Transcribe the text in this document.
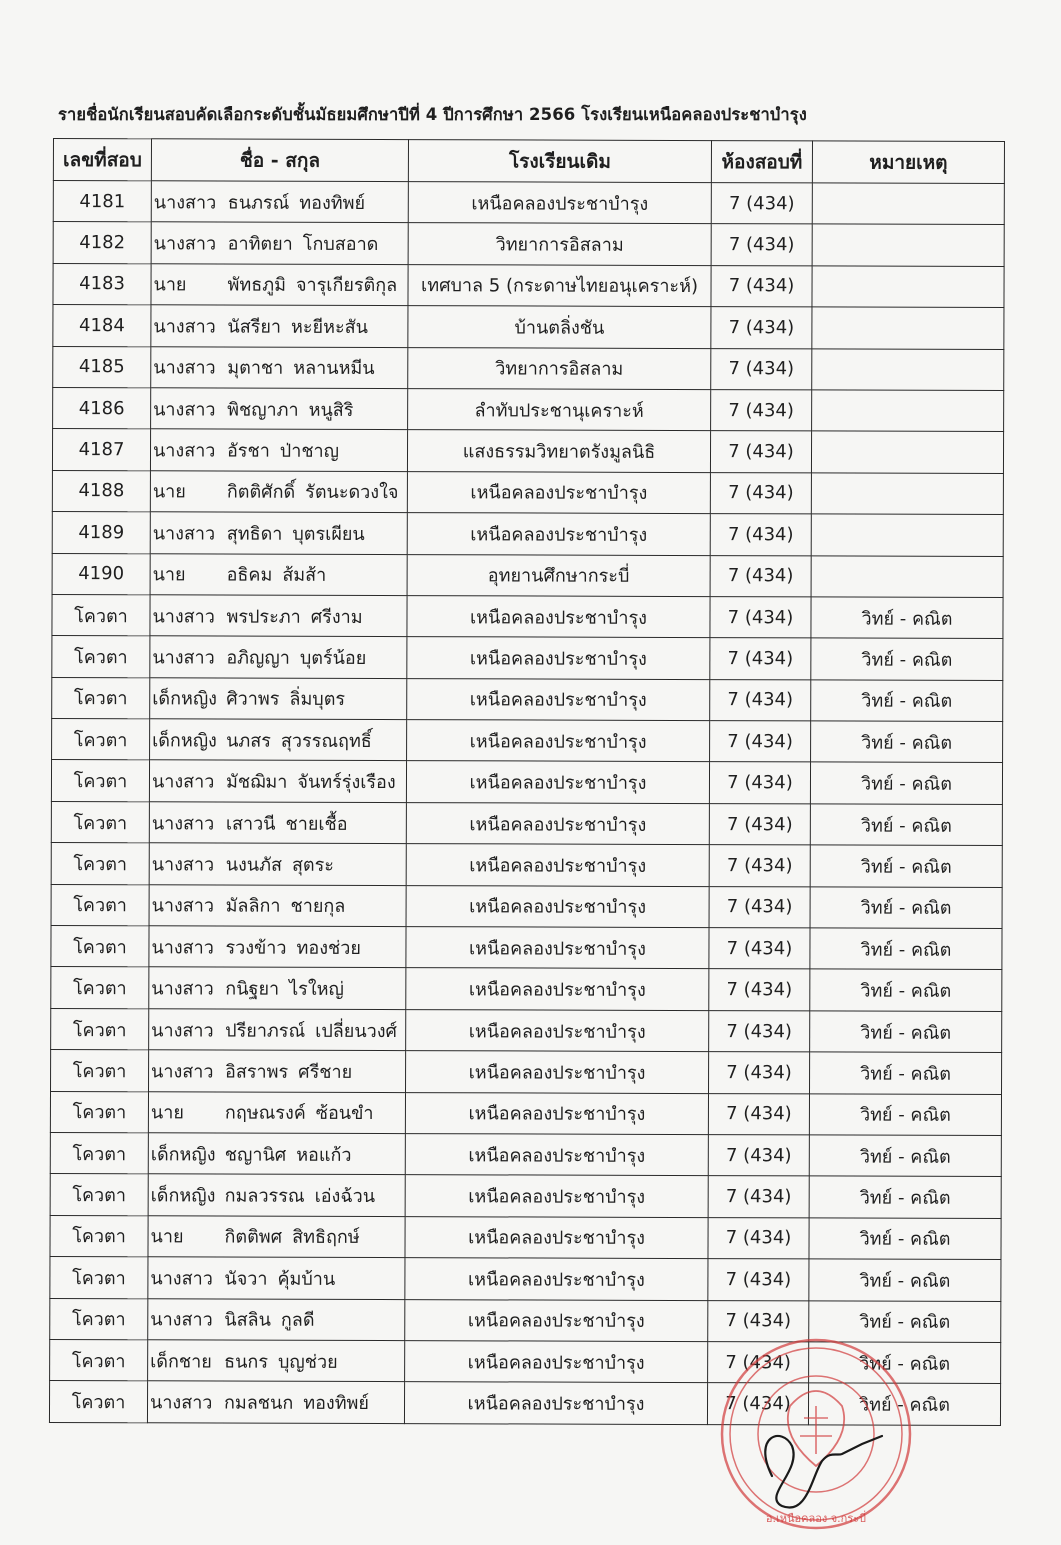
รายชื่อนักเรียนสอบคัดเลือกระดับชั้นมัธยมศึกษาปีที่ 4 ปีการศึกษา 2566 โรงเรียนเหนือคลองประชาบำรุง
เลขที่สอบ	ชื่อ - สกุล	โรงเรียนเดิม	ห้องสอบที่	หมายเหตุ
4181	นางสาว ธนภรณ์ ทองทิพย์	เหนือคลองประชาบำรุง	7 (434)	
4182	นางสาว อาทิตยา โกบสอาด	วิทยาการอิสลาม	7 (434)	
4183	นาย พัทธภูมิ จารุเกียรติกุล	เทศบาล 5 (กระดาษไทยอนุเคราะห์)	7 (434)	
4184	นางสาว นัสรียา หะยีหะสัน	บ้านตลิ่งชัน	7 (434)	
4185	นางสาว มุตาชา หลานหมีน	วิทยาการอิสลาม	7 (434)	
4186	นางสาว พิชญาภา หนูสิริ	ลำทับประชานุเคราะห์	7 (434)	
4187	นางสาว อัรชา ป่าชาญ	แสงธรรมวิทยาตรังมูลนิธิ	7 (434)	
4188	นาย กิตติศักดิ์ รัตนะดวงใจ	เหนือคลองประชาบำรุง	7 (434)	
4189	นางสาว สุทธิดา บุตรเผียน	เหนือคลองประชาบำรุง	7 (434)	
4190	นาย อธิคม ส้มส้า	อุทยานศึกษากระบี่	7 (434)	
โควตา	นางสาว พรประภา ศรีงาม	เหนือคลองประชาบำรุง	7 (434)	วิทย์ - คณิต
โควตา	นางสาว อภิญญา บุตร์น้อย	เหนือคลองประชาบำรุง	7 (434)	วิทย์ - คณิต
โควตา	เด็กหญิง ศิวาพร ลิ่มบุตร	เหนือคลองประชาบำรุง	7 (434)	วิทย์ - คณิต
โควตา	เด็กหญิง นภสร สุวรรณฤทธิ์	เหนือคลองประชาบำรุง	7 (434)	วิทย์ - คณิต
โควตา	นางสาว มัชฌิมา จันทร์รุ่งเรือง	เหนือคลองประชาบำรุง	7 (434)	วิทย์ - คณิต
โควตา	นางสาว เสาวนี ชายเชื้อ	เหนือคลองประชาบำรุง	7 (434)	วิทย์ - คณิต
โควตา	นางสาว นงนภัส สุตระ	เหนือคลองประชาบำรุง	7 (434)	วิทย์ - คณิต
โควตา	นางสาว มัลลิกา ชายกุล	เหนือคลองประชาบำรุง	7 (434)	วิทย์ - คณิต
โควตา	นางสาว รวงข้าว ทองช่วย	เหนือคลองประชาบำรุง	7 (434)	วิทย์ - คณิต
โควตา	นางสาว กนิฐยา ไรใหญ่	เหนือคลองประชาบำรุง	7 (434)	วิทย์ - คณิต
โควตา	นางสาว ปรียาภรณ์ เปลี่ยนวงศ์	เหนือคลองประชาบำรุง	7 (434)	วิทย์ - คณิต
โควตา	นางสาว อิสราพร ศรีชาย	เหนือคลองประชาบำรุง	7 (434)	วิทย์ - คณิต
โควตา	นาย กฤษณรงค์ ซ้อนขำ	เหนือคลองประชาบำรุง	7 (434)	วิทย์ - คณิต
โควตา	เด็กหญิง ชญานิศ หอแก้ว	เหนือคลองประชาบำรุง	7 (434)	วิทย์ - คณิต
โควตา	เด็กหญิง กมลวรรณ เอ่งฉ้วน	เหนือคลองประชาบำรุง	7 (434)	วิทย์ - คณิต
โควตา	นาย กิตติพศ สิทธิฤกษ์	เหนือคลองประชาบำรุง	7 (434)	วิทย์ - คณิต
โควตา	นางสาว นัจวา คุ้มบ้าน	เหนือคลองประชาบำรุง	7 (434)	วิทย์ - คณิต
โควตา	นางสาว นิสลิน กูลดี	เหนือคลองประชาบำรุง	7 (434)	วิทย์ - คณิต
โควตา	เด็กชาย ธนกร บุญช่วย	เหนือคลองประชาบำรุง	7 (434)	วิทย์ - คณิต
โควตา	นางสาว กมลชนก ทองทิพย์	เหนือคลองประชาบำรุง	7 (434)	วิทย์ - คณิต
อ.เหนือคลอง จ.กระบี่
